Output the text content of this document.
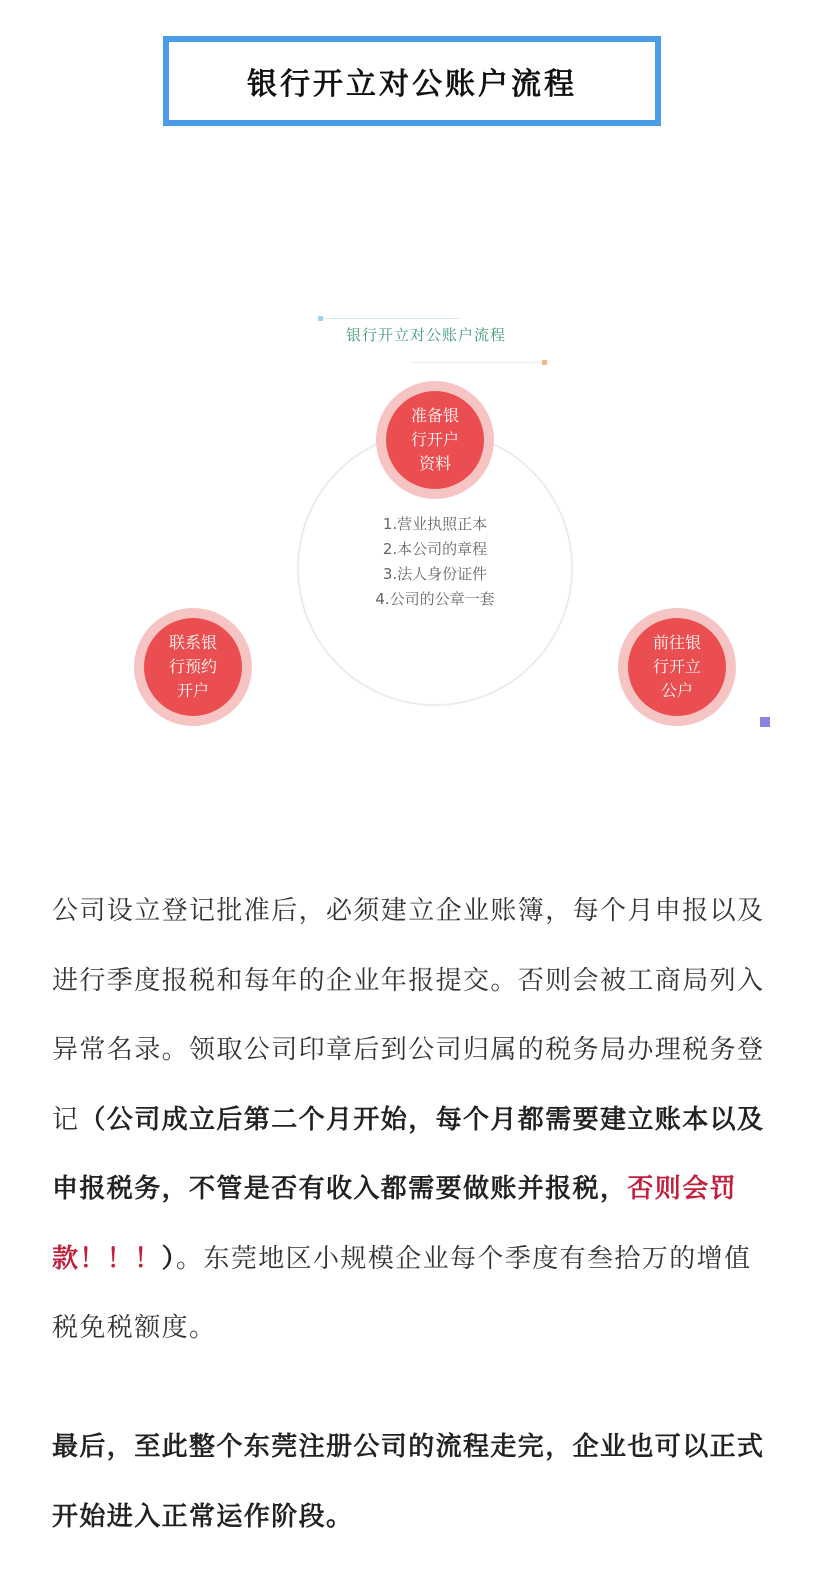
银行开立对公账户流程
银行开立对公账户流程
准备银行开户资料
联系银行预约开户
前往银行开立公户
1.营业执照正本
2.本公司的章程
3.法人身份证件
4.公司的公章一套

公司设立登记批准后，必须建立企业账簿，每个月申报以及进行季度报税和每年的企业年报提交。否则会被工商局列入异常名录。领取公司印章后到公司归属的税务局办理税务登记（公司成立后第二个月开始，每个月都需要建立账本以及申报税务，不管是否有收入都需要做账并报税，否则会罚款！！！）。东莞地区小规模企业每个季度有叁拾万的增值税免税额度。

最后，至此整个东莞注册公司的流程走完，企业也可以正式开始进入正常运作阶段。
